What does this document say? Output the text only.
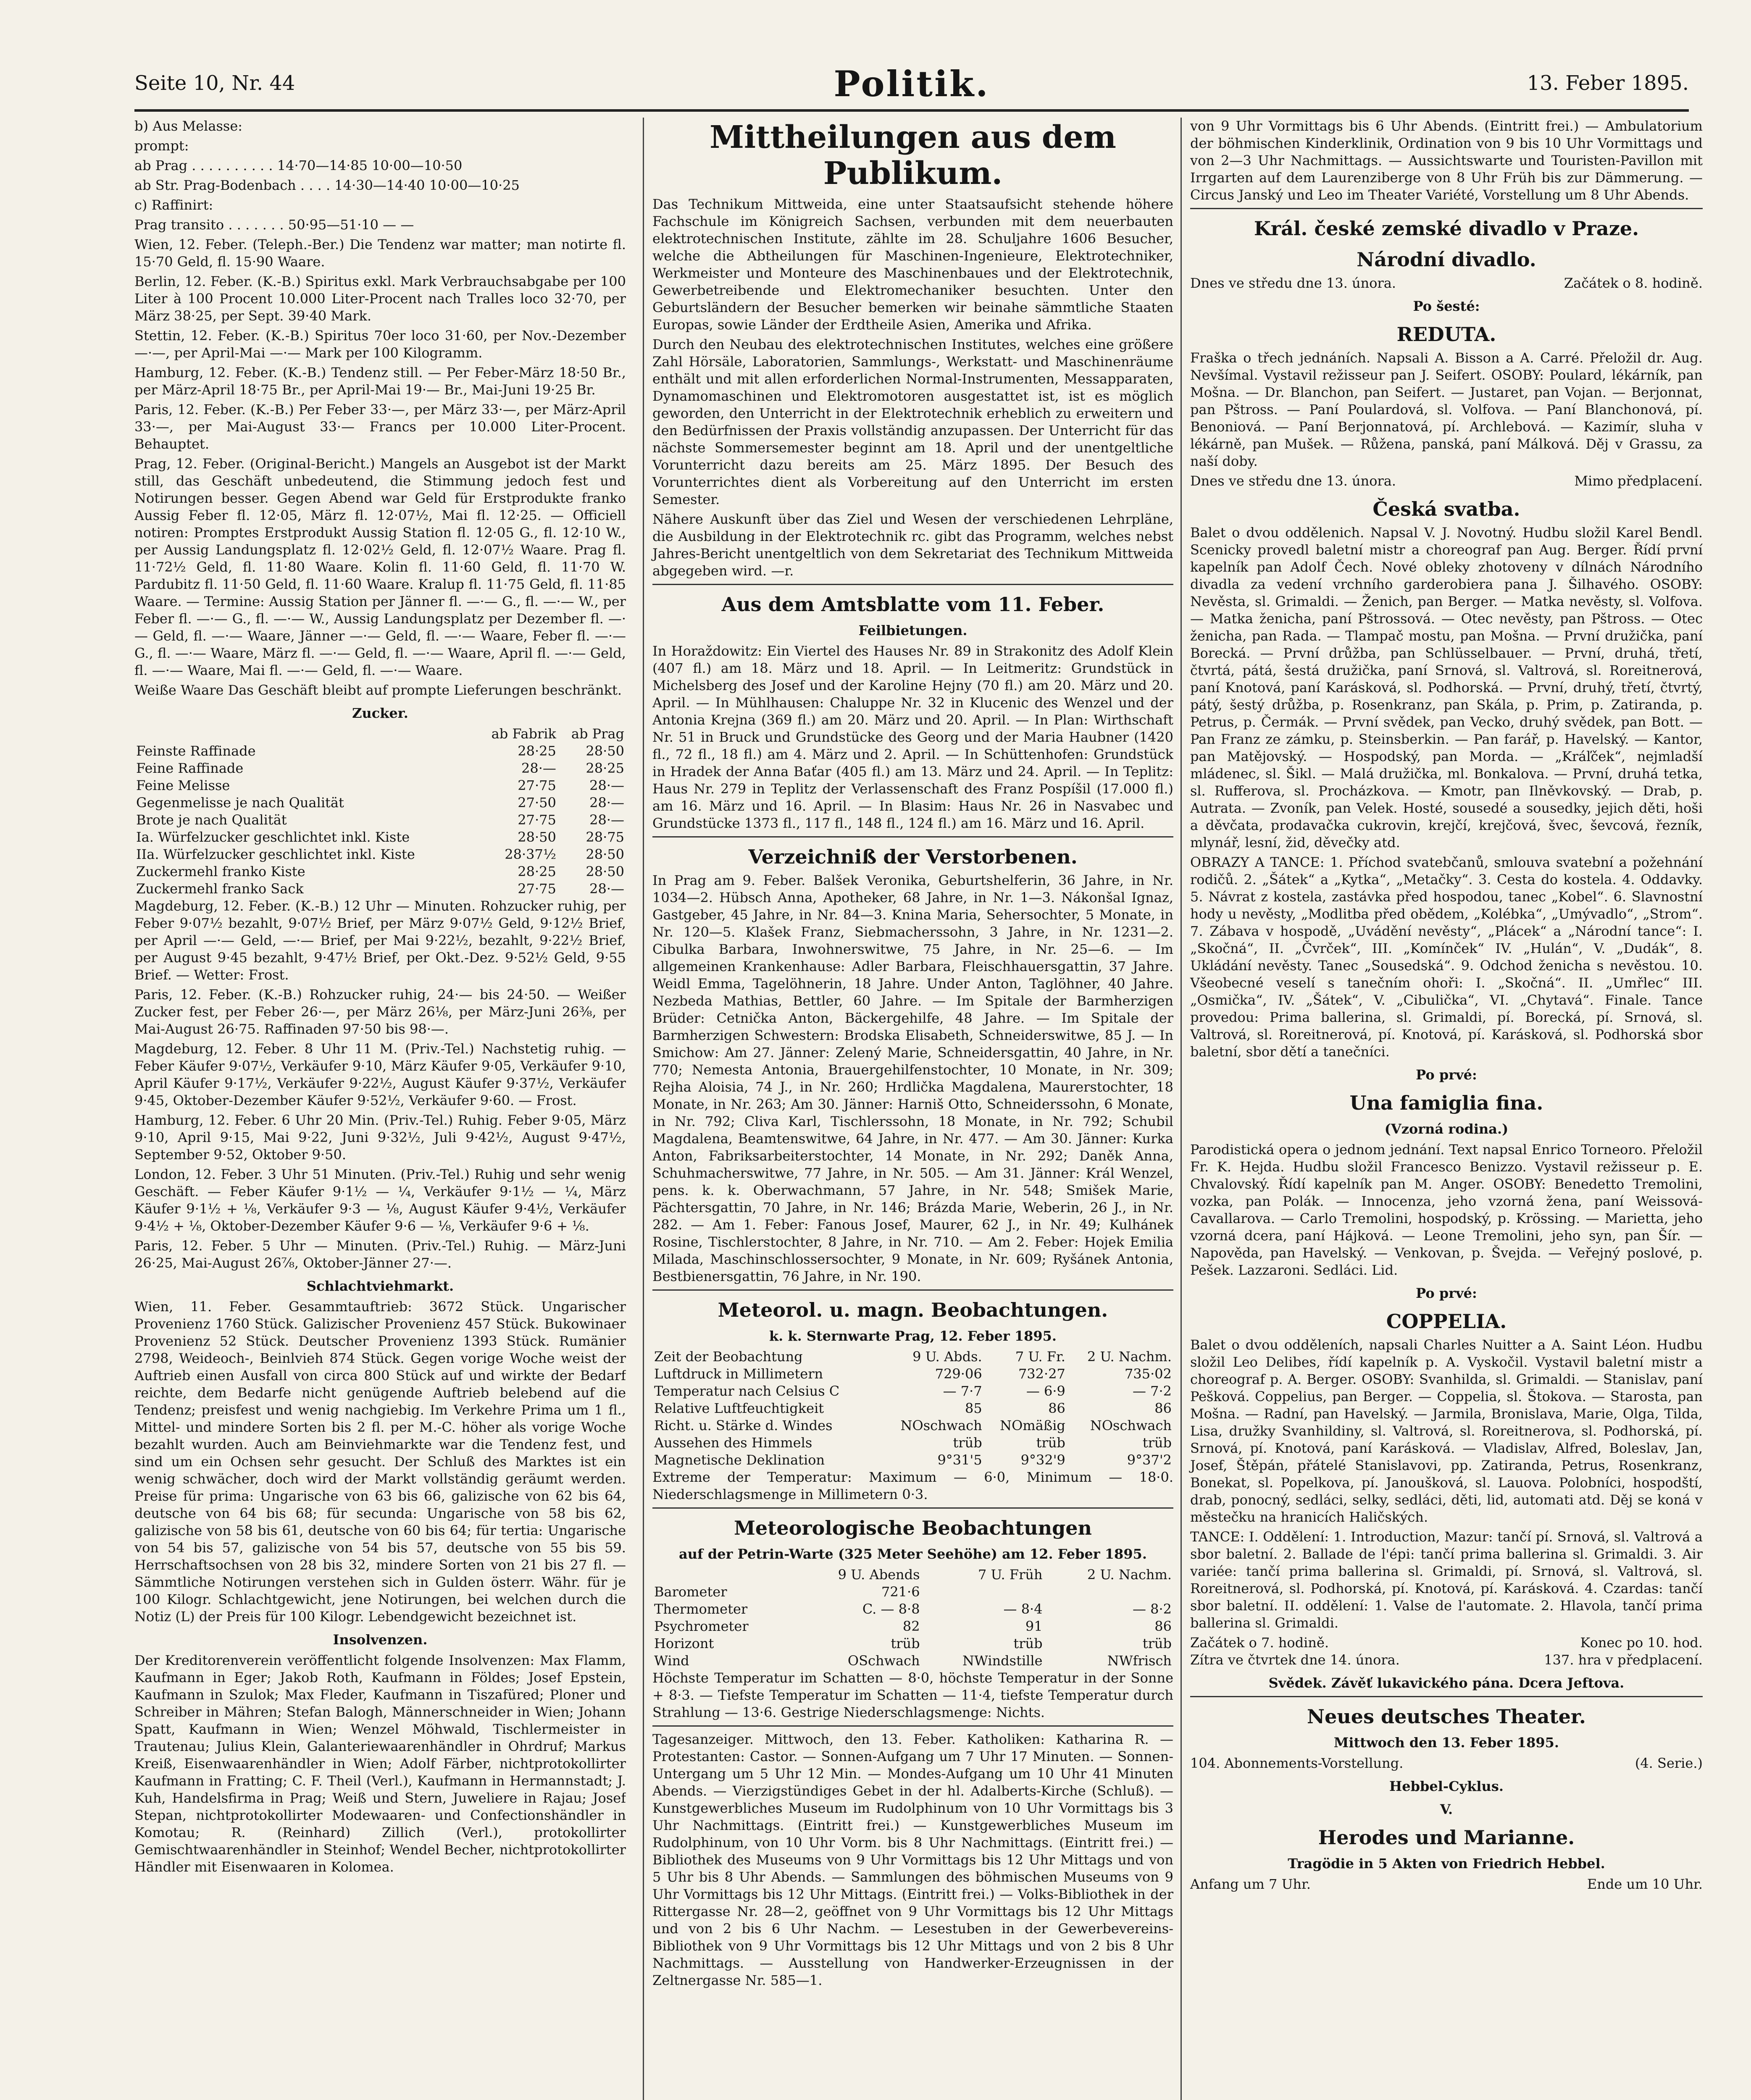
Seite 10, Nr. 44	Politik.	13. Feber 1895.
b) Aus Melasse:
prompt:
ab Prag . . . . . . . . . . 14·70—14·85 10·00—10·50
ab Str. Prag-Bodenbach . . . . 14·30—14·40 10·00—10·25
c) Raffinirt:
Prag transito . . . . . . . 50·95—51·10 — —

Wien, 12. Feber. (Teleph.-Ber.) Die Tendenz war matter; man notirte fl. 15·70 Geld, fl. 15·90 Waare.

Berlin, 12. Feber. (K.-B.) Spiritus exkl. Mark Verbrauchsabgabe per 100 Liter à 100 Procent 10.000 Liter-Procent nach Tralles loco 32·70, per März 38·25, per Sept. 39·40 Mark.

Stettin, 12. Feber. (K.-B.) Spiritus 70er loco 31·60, per Nov.-Dezember —·—, per April-Mai —·— Mark per 100 Kilogramm.

Hamburg, 12. Feber. (K.-B.) Tendenz still. — Per Feber-März 18·50 Br., per März-April 18·75 Br., per April-Mai 19·— Br., Mai-Juni 19·25 Br.

Paris, 12. Feber. (K.-B.) Per Feber 33·—, per März 33·—, per März-April 33·—, per Mai-August 33·— Francs per 10.000 Liter-Procent. Behauptet.

Prag, 12. Feber. (Original-Bericht.) Mangels an Ausgebot ist der Markt still, das Geschäft unbedeutend, die Stimmung jedoch fest und Notirungen besser. Gegen Abend war Geld für Erstprodukte franko Aussig Feber fl. 12·05, März fl. 12·07½, Mai fl. 12·25. — Officiell notiren: Promptes Erstprodukt Aussig Station fl. 12·05 G., fl. 12·10 W., per Aussig Landungsplatz fl. 12·02½ Geld, fl. 12·07½ Waare. Prag fl. 11·72½ Geld, fl. 11·80 Waare. Kolin fl. 11·60 Geld, fl. 11·70 W. Pardubitz fl. 11·50 Geld, fl. 11·60 Waare. Kralup fl. 11·75 Geld, fl. 11·85 Waare. — Termine: Aussig Station per Jänner fl. —·— G., fl. —·— W., per Feber fl. —·— G., fl. —·— W., Aussig Landungsplatz per Dezember fl. —·— Geld, fl. —·— Waare, Jänner —·— Geld, fl. —·— Waare, Feber fl. —·— G., fl. —·— Waare, März fl. —·— Geld, fl. —·— Waare, April fl. —·— Geld, fl. —·— Waare, Mai fl. —·— Geld, fl. —·— Waare.

Weiße Waare Das Geschäft bleibt auf prompte Lieferungen beschränkt.

Zucker.
	ab Fabrik	ab Prag
Feinste Raffinade	28·25	28·50
Feine Raffinade	28·—	28·25
Feine Melisse	27·75	28·—
Gegenmelisse je nach Qualität	27·50	28·—
Brote je nach Qualität	27·75	28·—
Ia. Würfelzucker geschlichtet inkl. Kiste	28·50	28·75
IIa. Würfelzucker geschlichtet inkl. Kiste	28·37½	28·50
Zuckermehl franko Kiste	28·25	28·50
Zuckermehl franko Sack	27·75	28·—

Magdeburg, 12. Feber. (K.-B.) 12 Uhr — Minuten. Rohzucker ruhig, per Feber 9·07½ bezahlt, 9·07½ Brief, per März 9·07½ Geld, 9·12½ Brief, per April —·— Geld, —·— Brief, per Mai 9·22½, bezahlt, 9·22½ Brief, per August 9·45 bezahlt, 9·47½ Brief, per Okt.-Dez. 9·52½ Geld, 9·55 Brief. — Wetter: Frost.

Paris, 12. Feber. (K.-B.) Rohzucker ruhig, 24·— bis 24·50. — Weißer Zucker fest, per Feber 26·—, per März 26⅛, per März-Juni 26⅜, per Mai-August 26·75. Raffinaden 97·50 bis 98·—.

Magdeburg, 12. Feber. 8 Uhr 11 M. (Priv.-Tel.) Nachstetig ruhig. — Feber Käufer 9·07½, Verkäufer 9·10, März Käufer 9·05, Verkäufer 9·10, April Käufer 9·17½, Verkäufer 9·22½, August Käufer 9·37½, Verkäufer 9·45, Oktober-Dezember Käufer 9·52½, Verkäufer 9·60. — Frost.

Hamburg, 12. Feber. 6 Uhr 20 Min. (Priv.-Tel.) Ruhig. Feber 9·05, März 9·10, April 9·15, Mai 9·22, Juni 9·32½, Juli 9·42½, August 9·47½, September 9·52, Oktober 9·50.

London, 12. Feber. 3 Uhr 51 Minuten. (Priv.-Tel.) Ruhig und sehr wenig Geschäft. — Feber Käufer 9·1½ — ¼, Verkäufer 9·1½ — ¼, März Käufer 9·1½ + ⅛, Verkäufer 9·3 — ⅛, August Käufer 9·4½, Verkäufer 9·4½ + ⅛, Oktober-Dezember Käufer 9·6 — ⅛, Verkäufer 9·6 + ⅛.

Paris, 12. Feber. 5 Uhr — Minuten. (Priv.-Tel.) Ruhig. — März-Juni 26·25, Mai-August 26⅞, Oktober-Jänner 27·—.

Schlachtviehmarkt.

Wien, 11. Feber. Gesammtauftrieb: 3672 Stück. Ungarischer Provenienz 1760 Stück. Galizischer Provenienz 457 Stück. Bukowinaer Provenienz 52 Stück. Deutscher Provenienz 1393 Stück. Rumänier 2798, Weideoch-, Beinlvieh 874 Stück. Gegen vorige Woche weist der Auftrieb einen Ausfall von circa 800 Stück auf und wirkte der Bedarf reichte, dem Bedarfe nicht genügende Auftrieb belebend auf die Tendenz; preisfest und wenig nachgiebig. Im Verkehre Prima um 1 fl., Mittel- und mindere Sorten bis 2 fl. per M.-C. höher als vorige Woche bezahlt wurden. Auch am Beinviehmarkte war die Tendenz fest, und sind um ein Ochsen sehr gesucht. Der Schluß des Marktes ist ein wenig schwächer, doch wird der Markt vollständig geräumt werden. Preise für prima: Ungarische von 63 bis 66, galizische von 62 bis 64, deutsche von 64 bis 68; für secunda: Ungarische von 58 bis 62, galizische von 58 bis 61, deutsche von 60 bis 64; für tertia: Ungarische von 54 bis 57, galizische von 54 bis 57, deutsche von 55 bis 59. Herrschaftsochsen von 28 bis 32, mindere Sorten von 21 bis 27 fl. — Sämmtliche Notirungen verstehen sich in Gulden österr. Währ. für je 100 Kilogr. Schlachtgewicht, jene Notirungen, bei welchen durch die Notiz (L) der Preis für 100 Kilogr. Lebendgewicht bezeichnet ist.

Insolvenzen.

Der Kreditorenverein veröffentlicht folgende Insolvenzen: Max Flamm, Kaufmann in Eger; Jakob Roth, Kaufmann in Földes; Josef Epstein, Kaufmann in Szulok; Max Fleder, Kaufmann in Tiszafüred; Ploner und Schreiber in Mähren; Stefan Balogh, Männerschneider in Wien; Johann Spatt, Kaufmann in Wien; Wenzel Möhwald, Tischlermeister in Trautenau; Julius Klein, Galanteriewaarenhändler in Ohrdruf; Markus Kreiß, Eisenwaarenhändler in Wien; Adolf Färber, nichtprotokollirter Kaufmann in Fratting; C. F. Theil (Verl.), Kaufmann in Hermannstadt; J. Kuh, Handelsfirma in Prag; Weiß und Stern, Juweliere in Rajau; Josef Stepan, nichtprotokollirter Modewaaren- und Confectionshändler in Komotau; R. (Reinhard) Zillich (Verl.), protokollirter Gemischtwaarenhändler in Steinhof; Wendel Becher, nichtprotokollirter Händler mit Eisenwaaren in Kolomea.

Mittheilungen aus dem Publikum.

Das Technikum Mittweida, eine unter Staatsaufsicht stehende höhere Fachschule im Königreich Sachsen, verbunden mit dem neuerbauten elektrotechnischen Institute, zählte im 28. Schuljahre 1606 Besucher, welche die Abtheilungen für Maschinen-Ingenieure, Elektrotechniker, Werkmeister und Monteure des Maschinenbaues und der Elektrotechnik, Gewerbetreibende und Elektromechaniker besuchten. Unter den Geburtsländern der Besucher bemerken wir beinahe sämmtliche Staaten Europas, sowie Länder der Erdtheile Asien, Amerika und Afrika.

Durch den Neubau des elektrotechnischen Institutes, welches eine größere Zahl Hörsäle, Laboratorien, Sammlungs-, Werkstatt- und Maschinenräume enthält und mit allen erforderlichen Normal-Instrumenten, Messapparaten, Dynamomaschinen und Elektromotoren ausgestattet ist, ist es möglich geworden, den Unterricht in der Elektrotechnik erheblich zu erweitern und den Bedürfnissen der Praxis vollständig anzupassen. Der Unterricht für das nächste Sommersemester beginnt am 18. April und der unentgeltliche Vorunterricht dazu bereits am 25. März 1895. Der Besuch des Vorunterrichtes dient als Vorbereitung auf den Unterricht im ersten Semester.

Nähere Auskunft über das Ziel und Wesen der verschiedenen Lehrpläne, die Ausbildung in der Elektrotechnik rc. gibt das Programm, welches nebst Jahres-Bericht unentgeltlich von dem Sekretariat des Technikum Mittweida abgegeben wird. —r.

Aus dem Amtsblatte vom 11. Feber.
Feilbietungen.

In Horaždowitz: Ein Viertel des Hauses Nr. 89 in Strakonitz des Adolf Klein (407 fl.) am 18. März und 18. April. — In Leitmeritz: Grundstück in Michelsberg des Josef und der Karoline Hejny (70 fl.) am 20. März und 20. April. — In Mühlhausen: Chaluppe Nr. 32 in Klucenic des Wenzel und der Antonia Krejna (369 fl.) am 20. März und 20. April. — In Plan: Wirthschaft Nr. 51 in Bruck und Grundstücke des Georg und der Maria Haubner (1420 fl., 72 fl., 18 fl.) am 4. März und 2. April. — In Schüttenhofen: Grundstück in Hradek der Anna Baťar (405 fl.) am 13. März und 24. April. — In Teplitz: Haus Nr. 279 in Teplitz der Verlassenschaft des Franz Pospíšil (17.000 fl.) am 16. März und 16. April. — In Blasim: Haus Nr. 26 in Nasvabec und Grundstücke 1373 fl., 117 fl., 148 fl., 124 fl.) am 16. März und 16. April.

Verzeichniß der Verstorbenen.

In Prag am 9. Feber. Balšek Veronika, Geburtshelferin, 36 Jahre, in Nr. 1034—2. Hübsch Anna, Apotheker, 68 Jahre, in Nr. 1—3. Nákonšal Ignaz, Gastgeber, 45 Jahre, in Nr. 84—3. Knina Maria, Sehersochter, 5 Monate, in Nr. 120—5. Klašek Franz, Siebmacherssohn, 3 Jahre, in Nr. 1231—2. Cibulka Barbara, Inwohnerswitwe, 75 Jahre, in Nr. 25—6. — Im allgemeinen Krankenhause: Adler Barbara, Fleischhauersgattin, 37 Jahre. Weidl Emma, Tagelöhnerin, 18 Jahre. Under Anton, Taglöhner, 40 Jahre. Nezbeda Mathias, Bettler, 60 Jahre. — Im Spitale der Barmherzigen Brüder: Cetnička Anton, Bäckergehilfe, 48 Jahre. — Im Spitale der Barmherzigen Schwestern: Brodska Elisabeth, Schneiderswitwe, 85 J. — In Smichow: Am 27. Jänner: Zelený Marie, Schneidersgattin, 40 Jahre, in Nr. 770; Nemesta Antonia, Brauergehilfenstochter, 10 Monate, in Nr. 309; Rejha Aloisia, 74 J., in Nr. 260; Hrdlička Magdalena, Maurerstochter, 18 Monate, in Nr. 263; Am 30. Jänner: Harniš Otto, Schneiderssohn, 6 Monate, in Nr. 792; Cliva Karl, Tischlerssohn, 18 Monate, in Nr. 792; Schubil Magdalena, Beamtenswitwe, 64 Jahre, in Nr. 477. — Am 30. Jänner: Kurka Anton, Fabriksarbeiterstochter, 14 Monate, in Nr. 292; Daněk Anna, Schuhmacherswitwe, 77 Jahre, in Nr. 505. — Am 31. Jänner: Král Wenzel, pens. k. k. Oberwachmann, 57 Jahre, in Nr. 548; Smišek Marie, Pächtersgattin, 70 Jahre, in Nr. 146; Brázda Marie, Weberin, 26 J., in Nr. 282. — Am 1. Feber: Fanous Josef, Maurer, 62 J., in Nr. 49; Kulhánek Rosine, Tischlerstochter, 8 Jahre, in Nr. 710. — Am 2. Feber: Hojek Emilia Milada, Maschinschlossersochter, 9 Monate, in Nr. 609; Ryšánek Antonia, Bestbienersgattin, 76 Jahre, in Nr. 190.

Meteorol. u. magn. Beobachtungen.
k. k. Sternwarte Prag, 12. Feber 1895.
Zeit der Beobachtung	9 U. Abds.	7 U. Fr.	2 U. Nachm.
Luftdruck in Millimetern	729·06	732·27	735·02
Temperatur nach Celsius C	— 7·7	— 6·9	— 7·2
Relative Luftfeuchtigkeit	85	86	86
Richt. u. Stärke d. Windes	NOschwach	NOmäßig	NOschwach
Aussehen des Himmels	trüb	trüb	trüb
Magnetische Deklination	9°31'5	9°32'9	9°37'2

Extreme der Temperatur: Maximum — 6·0, Minimum — 18·0. Niederschlagsmenge in Millimetern 0·3.

Meteorologische Beobachtungen
auf der Petrin-Warte (325 Meter Seehöhe) am 12. Feber 1895.
	9 U. Abends	7 U. Früh	2 U. Nachm.
Barometer	721·6		
Thermometer	C. — 8·8	— 8·4	— 8·2
Psychrometer	82	91	86
Horizont	trüb	trüb	trüb
Wind	OSchwach	NWindstille	NWfrisch

Höchste Temperatur im Schatten — 8·0, höchste Temperatur in der Sonne + 8·3. — Tiefste Temperatur im Schatten — 11·4, tiefste Temperatur durch Strahlung — 13·6. Gestrige Niederschlagsmenge: Nichts.

Tagesanzeiger. Mittwoch, den 13. Feber. Katholiken: Katharina R. — Protestanten: Castor. — Sonnen-Aufgang um 7 Uhr 17 Minuten. — Sonnen-Untergang um 5 Uhr 12 Min. — Mondes-Aufgang um 10 Uhr 41 Minuten Abends. — Vierzigstündiges Gebet in der hl. Adalberts-Kirche (Schluß). — Kunstgewerbliches Museum im Rudolphinum von 10 Uhr Vormittags bis 3 Uhr Nachmittags. (Eintritt frei.) — Kunstgewerbliches Museum im Rudolphinum, von 10 Uhr Vorm. bis 8 Uhr Nachmittags. (Eintritt frei.) — Bibliothek des Museums von 9 Uhr Vormittags bis 12 Uhr Mittags und von 5 Uhr bis 8 Uhr Abends. — Sammlungen des böhmischen Museums von 9 Uhr Vormittags bis 12 Uhr Mittags. (Eintritt frei.) — Volks-Bibliothek in der Rittergasse Nr. 28—2, geöffnet von 9 Uhr Vormittags bis 12 Uhr Mittags und von 2 bis 6 Uhr Nachm. — Lesestuben in der Gewerbevereins-Bibliothek von 9 Uhr Vormittags bis 12 Uhr Mittags und von 2 bis 8 Uhr Nachmittags. — Ausstellung von Handwerker-Erzeugnissen in der Zeltnergasse Nr. 585—1.

von 9 Uhr Vormittags bis 6 Uhr Abends. (Eintritt frei.) — Ambulatorium der böhmischen Kinderklinik, Ordination von 9 bis 10 Uhr Vormittags und von 2—3 Uhr Nachmittags. — Aussichtswarte und Touristen-Pavillon mit Irrgarten auf dem Laurenziberge von 8 Uhr Früh bis zur Dämmerung. — Circus Janský und Leo im Theater Variété, Vorstellung um 8 Uhr Abends.

Král. české zemské divadlo v Praze.
Národní divadlo.
Dnes ve středu dne 13. února.	Začátek o 8. hodině.
Po šesté:
REDUTA.

Fraška o třech jednáních. Napsali A. Bisson a A. Carré. Přeložil dr. Aug. Nevšímal. Vystavil režisseur pan J. Seifert. OSOBY: Poulard, lékárník, pan Mošna. — Dr. Blanchon, pan Seifert. — Justaret, pan Vojan. — Berjonnat, pan Pštross. — Paní Poulardová, sl. Volfova. — Paní Blanchonová, pí. Benoniová. — Paní Berjonnatová, pí. Archlebová. — Kazimír, sluha v lékárně, pan Mušek. — Růžena, panská, paní Málková. Děj v Grassu, za naší doby.

Dnes ve středu dne 13. února.	Mimo předplacení.
Česká svatba.

Balet o dvou oddělenich. Napsal V. J. Novotný. Hudbu složil Karel Bendl. Scenicky provedl baletní mistr a choreograf pan Aug. Berger. Řídí první kapelník pan Adolf Čech. Nové obleky zhotoveny v dílnách Národního divadla za vedení vrchního garderobiera pana J. Šilhavého. OSOBY: Nevěsta, sl. Grimaldi. — Ženich, pan Berger. — Matka nevěsty, sl. Volfova. — Matka ženicha, paní Pštrossová. — Otec nevěsty, pan Pštross. — Otec ženicha, pan Rada. — Tlampač mostu, pan Mošna. — První družička, paní Borecká. — První drůžba, pan Schlüsselbauer. — První, druhá, třetí, čtvrtá, pátá, šestá družička, paní Srnová, sl. Valtrová, sl. Roreitnerová, paní Knotová, paní Karásková, sl. Podhorská. — První, druhý, třetí, čtvrtý, pátý, šestý drůžba, p. Rosenkranz, pan Skála, p. Prim, p. Zatiranda, p. Petrus, p. Čermák. — První svědek, pan Vecko, druhý svědek, pan Bott. — Pan Franz ze zámku, p. Steinsberkin. — Pan farář, p. Havelský. — Kantor, pan Matějovský. — Hospodský, pan Morda. — „Kráľček“, nejmladší mládenec, sl. Šikl. — Malá družička, ml. Bonkalova. — První, druhá tetka, sl. Rufferova, sl. Procházkova. — Kmotr, pan Ilněvkovský. — Drab, p. Autrata. — Zvoník, pan Velek. Hosté, sousedé a sousedky, jejich děti, hoši a děvčata, prodavačka cukrovin, krejčí, krejčová, švec, ševcová, řezník, mlynář, lesní, žid, děvečky atd.

OBRAZY A TANCE: 1. Příchod svatebčanů, smlouva svatební a požehnání rodičů. 2. „Šátek“ a „Kytka“, „Metačky“. 3. Cesta do kostela. 4. Oddavky. 5. Návrat z kostela, zastávka před hospodou, tanec „Kobel“. 6. Slavnostní hody u nevěsty, „Modlitba před obědem, „Kolébka“, „Umývadlo“, „Strom“. 7. Zábava v hospodě, „Uvádění nevěsty“, „Plácek“ a „Národní tance“: I. „Skočná“, II. „Čvrček“, III. „Komínček“ IV. „Hulán“, V. „Dudák“, 8. Ukládání nevěsty. Tanec „Sousedská“. 9. Odchod ženicha s nevěstou. 10. Všeobecné veselí s tanečním ohoři: I. „Skočná“. II. „Umřlec“ III. „Osmička“, IV. „Šátek“, V. „Cibulička“, VI. „Chytavá“. Finale. Tance provedou: Prima ballerina, sl. Grimaldi, pí. Borecká, pí. Srnová, sl. Valtrová, sl. Roreitnerová, pí. Knotová, pí. Karásková, sl. Podhorská sbor baletní, sbor dětí a tanečníci.

Po prvé:
Una famiglia fina.
(Vzorná rodina.)

Parodistická opera o jednom jednání. Text napsal Enrico Torneoro. Přeložil Fr. K. Hejda. Hudbu složil Francesco Benizzo. Vystavil režisseur p. E. Chvalovský. Řídí kapelník pan M. Anger. OSOBY: Benedetto Tremolini, vozka, pan Polák. — Innocenza, jeho vzorná žena, paní Weissová-Cavallarova. — Carlo Tremolini, hospodský, p. Krössing. — Marietta, jeho vzorná dcera, paní Hájková. — Leone Tremolini, jeho syn, pan Šír. — Napověda, pan Havelský. — Venkovan, p. Švejda. — Veřejný poslové, p. Pešek. Lazzaroni. Sedláci. Lid.

Po prvé:
COPPELIA.

Balet o dvou odděleních, napsali Charles Nuitter a A. Saint Léon. Hudbu složil Leo Delibes, řídí kapelník p. A. Vyskočil. Vystavil baletní mistr a choreograf p. A. Berger. OSOBY: Svanhilda, sl. Grimaldi. — Stanislav, paní Pešková. Coppelius, pan Berger. — Coppelia, sl. Štokova. — Starosta, pan Mošna. — Radní, pan Havelský. — Jarmila, Bronislava, Marie, Olga, Tilda, Lisa, družky Svanhildiny, sl. Valtrová, sl. Roreitnerova, sl. Podhorská, pí. Srnová, pí. Knotová, paní Karásková. — Vladislav, Alfred, Boleslav, Jan, Josef, Štěpán, přátelé Stanislavovi, pp. Zatiranda, Petrus, Rosenkranz, Bonekat, sl. Popelkova, pí. Janoušková, sl. Lauova. Polobníci, hospodští, drab, ponocný, sedláci, selky, sedláci, děti, lid, automati atd. Děj se koná v městečku na hranicích Haličských.

TANCE: I. Oddělení: 1. Introduction, Mazur: tančí pí. Srnová, sl. Valtrová a sbor baletní. 2. Ballade de l'épi: tančí prima ballerina sl. Grimaldi. 3. Air variée: tančí prima ballerina sl. Grimaldi, pí. Srnová, sl. Valtrová, sl. Roreitnerová, sl. Podhorská, pí. Knotová, pí. Karásková. 4. Czardas: tančí sbor baletní. II. oddělení: 1. Valse de l'automate. 2. Hlavola, tančí prima ballerina sl. Grimaldi.

Začátek o 7. hodině.	Konec po 10. hod.
Zítra ve čtvrtek dne 14. února.	137. hra v předplacení.
Svědek. Závěť lukavického pána. Dcera Jeftova.
Neues deutsches Theater.
Mittwoch den 13. Feber 1895.
104. Abonnements-Vorstellung.	(4. Serie.)
Hebbel-Cyklus.
V.
Herodes und Marianne.
Tragödie in 5 Akten von Friedrich Hebbel.
Anfang um 7 Uhr.	Ende um 10 Uhr.
